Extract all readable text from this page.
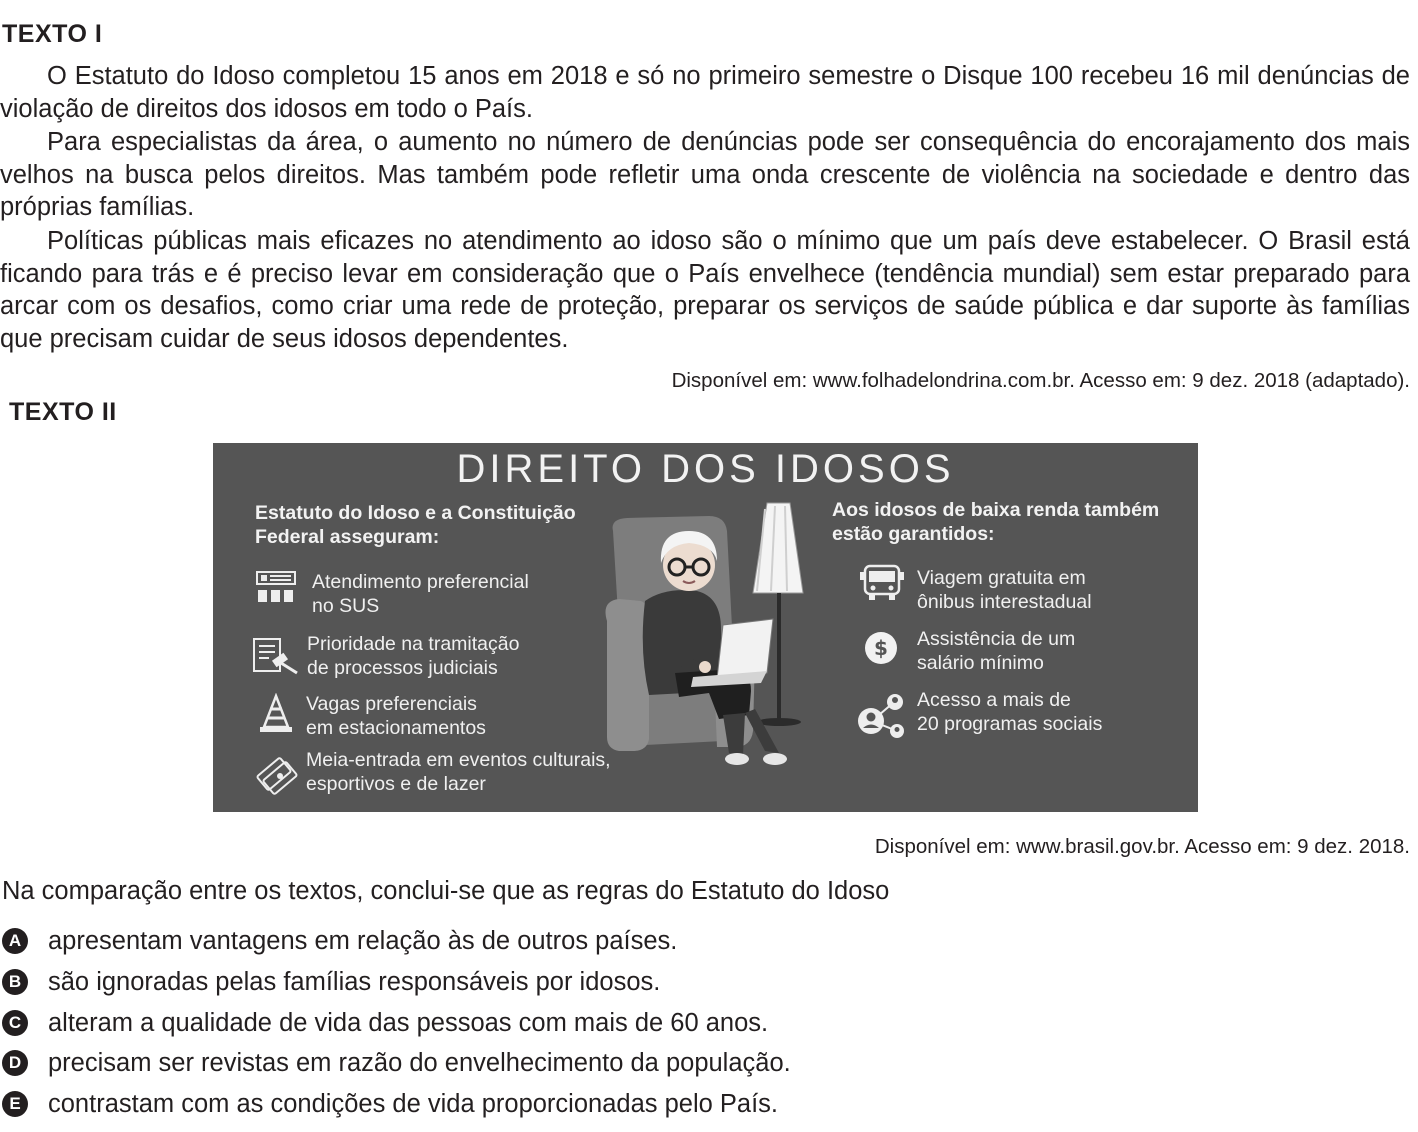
TEXTO I

O Estatuto do Idoso completou 15 anos em 2018 e só no primeiro semestre o Disque 100 recebeu 16 mil denúncias de violação de direitos dos idosos em todo o País.

Para especialistas da área, o aumento no número de denúncias pode ser consequência do encorajamento dos mais velhos na busca pelos direitos. Mas também pode refletir uma onda crescente de violência na sociedade e dentro das próprias famílias.

Políticas públicas mais eficazes no atendimento ao idoso são o mínimo que um país deve estabelecer. O Brasil está ficando para trás e é preciso levar em consideração que o País envelhece (tendência mundial) sem estar preparado para arcar com os desafios, como criar uma rede de proteção, preparar os serviços de saúde pública e dar suporte às famílias que precisam cuidar de seus idosos dependentes.

Disponível em: www.folhadelondrina.com.br. Acesso em: 9 dez. 2018 (adaptado).
TEXTO II
DIREITO DOS IDOSOS
Estatuto do Idoso e a Constituição
Federal asseguram:
Atendimento preferencial
no SUS
Prioridade na tramitação
de processos judiciais
Vagas preferenciais
em estacionamentos
Meia-entrada em eventos culturais,
esportivos e de lazer
Aos idosos de baixa renda também
estão garantidos:
$
Viagem gratuita em
ônibus interestadual
Assistência de um
salário mínimo
Acesso a mais de
20 programas sociais
Disponível em: www.brasil.gov.br. Acesso em: 9 dez. 2018.
Na comparação entre os textos, conclui-se que as regras do Estatuto do Idoso
A apresentam vantagens em relação às de outros países.
B são ignoradas pelas famílias responsáveis por idosos.
C alteram a qualidade de vida das pessoas com mais de 60 anos.
D precisam ser revistas em razão do envelhecimento da população.
E contrastam com as condições de vida proporcionadas pelo País.
